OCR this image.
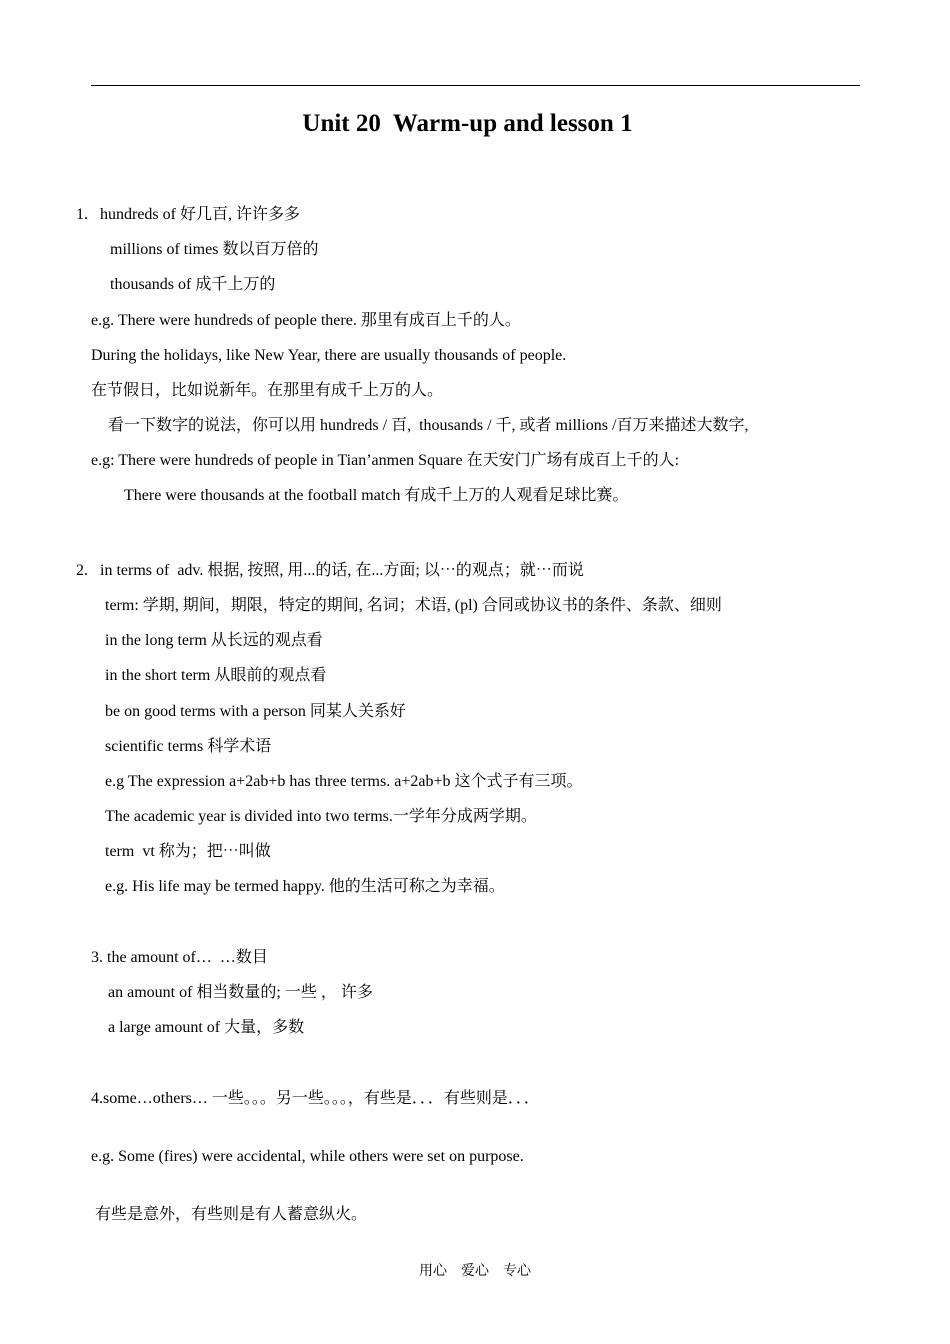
Unit 20  Warm-up and lesson 1
1.   hundreds of 好几百, 许许多多
millions of times 数以百万倍的
thousands of 成千上万的
e.g. There were hundreds of people there. 那里有成百上千的人。
During the holidays, like New Year, there are usually thousands of people.
在节假日，比如说新年。在那里有成千上万的人。
看一下数字的说法，你可以用 hundreds / 百,  thousands / 千, 或者 millions /百万来描述大数字,
e.g: There were hundreds of people in Tian’anmen Square 在天安门广场有成百上千的人:
There were thousands at the football match 有成千上万的人观看足球比赛。
2.   in terms of  adv. 根据, 按照, 用...的话, 在...方面; 以⋯的观点；就⋯而说
term: 学期, 期间，期限，特定的期间, 名词；术语, (pl) 合同或协议书的条件、条款、细则
in the long term 从长远的观点看
in the short term 从眼前的观点看
be on good terms with a person 同某人关系好
scientific terms 科学术语
e.g The expression a+2ab+b has three terms. a+2ab+b 这个式子有三项。
The academic year is divided into two terms.一学年分成两学期。
term  vt 称为；把⋯叫做
e.g. His life may be termed happy. 他的生活可称之为幸福。
3. the amount of…  …数目
an amount of 相当数量的; 一些 ， 许多
a large amount of 大量，多数
4.some…others… 一些。。。另一些。。。，有些是．．．有些则是．．．
e.g. Some (fires) were accidental, while others were set on purpose.
有些是意外，有些则是有人蓄意纵火。
用心    爱心    专心
